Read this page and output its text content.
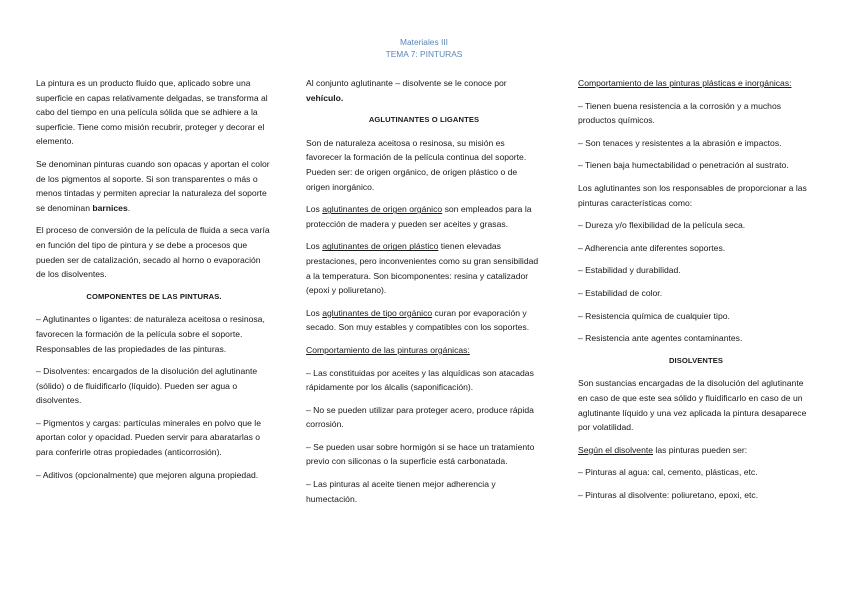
Materiales III
TEMA 7: PINTURAS

La pintura es un producto fluido que, aplicado sobre una superficie en capas relativamente delgadas, se transforma al cabo del tiempo en una película sólida que se adhiere a la superficie. Tiene como misión recubrir, proteger y decorar el elemento.

Se denominan pinturas cuando son opacas y aportan el color de los pigmentos al soporte. Si son transparentes o más o menos tintadas y permiten apreciar la naturaleza del soporte se denominan barnices.

El proceso de conversión de la película de fluida a seca varía en función del tipo de pintura y se debe a procesos que pueden ser de catalización, secado al horno o evaporación de los disolventes.

COMPONENTES DE LAS PINTURAS.

– Aglutinantes o ligantes: de naturaleza aceitosa o resinosa, favorecen la formación de la película sobre el soporte. Responsables de las propiedades de las pinturas.

– Disolventes: encargados de la disolución del aglutinante (sólido) o de fluidificarlo (líquido). Pueden ser agua o disolventes.

– Pigmentos y cargas: partículas minerales en polvo que le aportan color y opacidad. Pueden servir para abaratarlas o para conferirle otras propiedades (anticorrosión).

– Aditivos (opcionalmente) que mejoren alguna propiedad.

Al conjunto aglutinante – disolvente se le conoce por vehículo.

AGLUTINANTES O LIGANTES

Son de naturaleza aceitosa o resinosa, su misión es favorecer la formación de la película continua del soporte. Pueden ser: de origen orgánico, de origen plástico o de origen inorgánico.

Los aglutinantes de origen orgánico son empleados para la protección de madera y pueden ser aceites y grasas.

Los aglutinantes de origen plástico tienen elevadas prestaciones, pero inconvenientes como su gran sensibilidad a la temperatura. Son bicomponentes: resina y catalizador (epoxi y poliuretano).

Los aglutinantes de tipo orgánico curan por evaporación y secado. Son muy estables y compatibles con los soportes.

Comportamiento de las pinturas orgánicas:

– Las constituidas por aceites y las alquídicas son atacadas rápidamente por los álcalis (saponificación).

– No se pueden utilizar para proteger acero, produce rápida corrosión.

– Se pueden usar sobre hormigón si se hace un tratamiento previo con siliconas o la superficie está carbonatada.

– Las pinturas al aceite tienen mejor adherencia y humectación.

Comportamiento de las pinturas plásticas e inorgánicas:

– Tienen buena resistencia a la corrosión y a muchos productos químicos.

– Son tenaces y resistentes a la abrasión e impactos.

– Tienen baja humectabilidad o penetración al sustrato.

Los aglutinantes son los responsables de proporcionar a las pinturas características como:

– Dureza y/o flexibilidad de la película seca.

– Adherencia ante diferentes soportes.

– Estabilidad y durabilidad.

– Estabilidad de color.

– Resistencia química de cualquier tipo.

– Resistencia ante agentes contaminantes.

DISOLVENTES

Son sustancias encargadas de la disolución del aglutinante en caso de que este sea sólido y fluidificarlo en caso de un aglutinante líquido y una vez aplicada la pintura desaparece por volatilidad.

Según el disolvente las pinturas pueden ser:

– Pinturas al agua: cal, cemento, plásticas, etc.

– Pinturas al disolvente: poliuretano, epoxi, etc.
